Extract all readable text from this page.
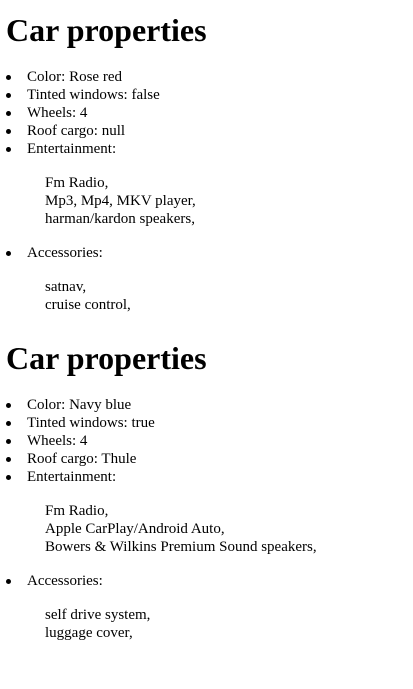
Car properties
Color: Rose red
Tinted windows: false
Wheels: 4
Roof cargo: null
Entertainment:
Fm Radio,
Mp3, Mp4, MKV player,
harman/kardon speakers,
Accessories:
satnav,
cruise control,
Car properties
Color: Navy blue
Tinted windows: true
Wheels: 4
Roof cargo: Thule
Entertainment:
Fm Radio,
Apple CarPlay/Android Auto,
Bowers & Wilkins Premium Sound speakers,
Accessories:
self drive system,
luggage cover,
